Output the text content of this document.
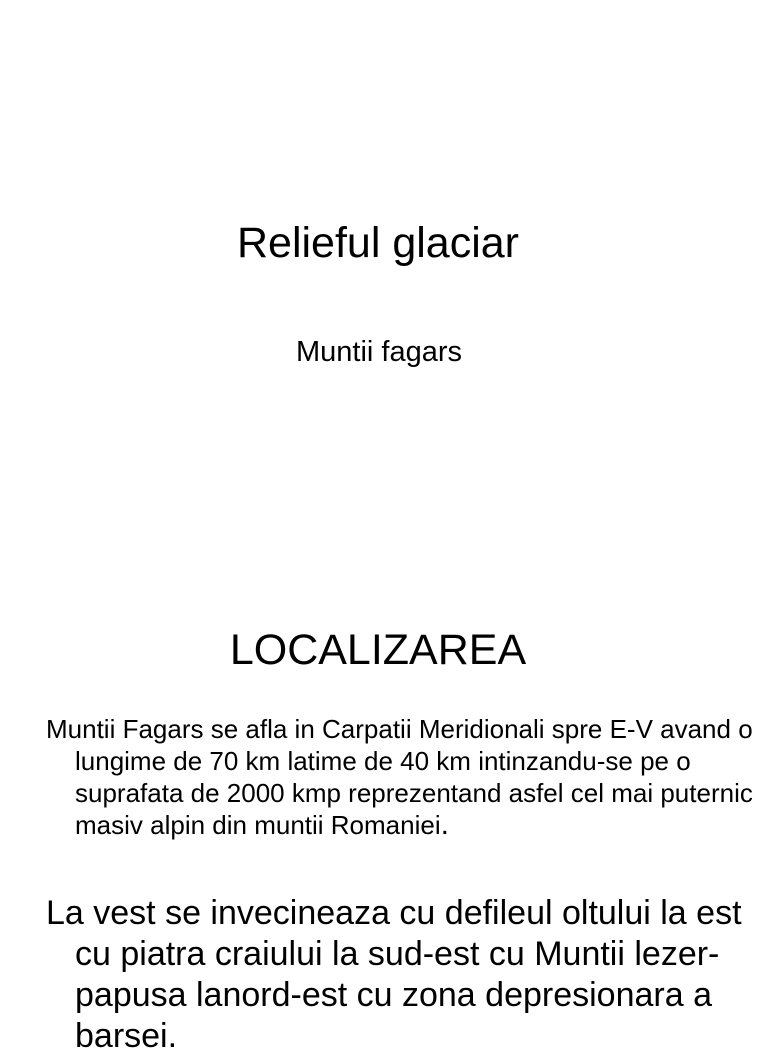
Relieful glaciar

Muntii fagars

LOCALIZAREA

Muntii Fagars se afla in Carpatii Meridionali spre E-V avand o lungime de 70 km latime de 40 km intinzandu-se pe o suprafata de 2000 kmp reprezentand asfel cel mai puternic masiv alpin din muntii Romaniei.

La vest se invecineaza cu defileul oltului la est cu piatra craiului la sud-est cu Muntii lezer-papusa lanord-est cu zona depresionara a barsei.
